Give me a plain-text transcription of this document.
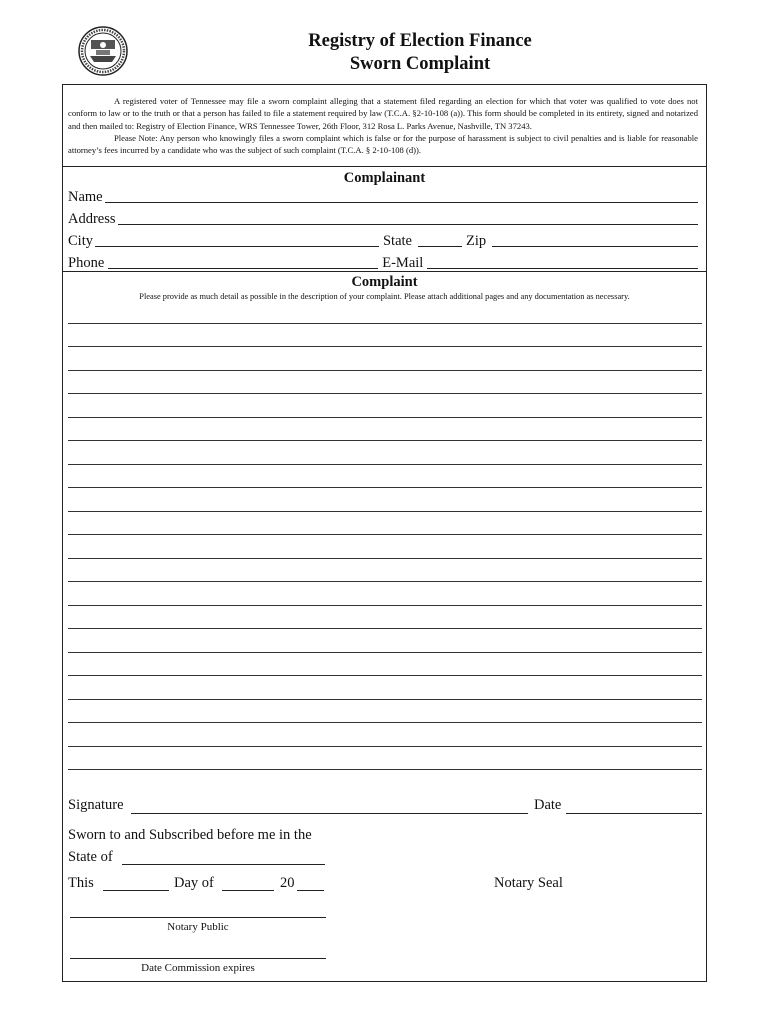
Registry of Election Finance
Sworn Complaint

A registered voter of Tennessee may file a sworn complaint alleging that a statement filed regarding an election for which that voter was qualified to vote does not conform to law or to the truth or that a person has failed to file a statement required by law (T.C.A. §2-10-108 (a)). This form should be completed in its entirety, signed and notarized and then mailed to: Registry of Election Finance, WRS Tennessee Tower, 26th Floor, 312 Rosa L. Parks Avenue, Nashville, TN 37243.

Please Note: Any person who knowingly files a sworn complaint which is false or for the purpose of harassment is subject to civil penalties and is liable for reasonable attorney’s fees incurred by a candidate who was the subject of such complaint (T.C.A. § 2-10-108 (d)).

Complainant
Name
Address
City	State	Zip
Phone	E-Mail
Complaint
Please provide as much detail as possible in the description of your complaint. Please attach additional pages and any documentation as necessary.
Signature	Date
Sworn to and Subscribed before me in the
State of
This	Day of	20	Notary Seal
Notary Public
Date Commission expires
